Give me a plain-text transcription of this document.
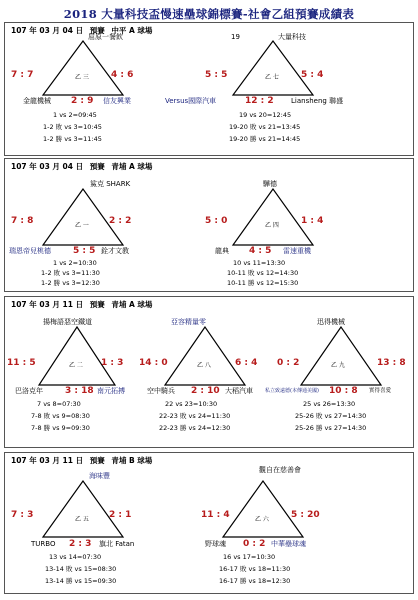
2018 大量科技盃慢速壘球錦標賽-社會乙組預賽成績表
107 年 03 月 04 日 預賽 中平 A 球場
屈原一餐飲
乙 三
7 : 7	4 : 6
金龍機械 2 : 9 信友興業
1 vs 2=09:45
1-2 敗 vs 3=10:45
1-2 勝 vs 3=11:45
19	大量科技
乙 七
5 : 5	5 : 4
Versus國際汽車	12 : 2 Liansheng 聯盛
19 vs 20=12:45
19-20 敗 vs 21=13:45
19-20 勝 vs 21=14:45
107 年 03 月 04 日 預賽 青埔 A 球場
鯊克 SHARK
乙 一
7 : 8	2 : 2
瑞恩帝兒桃德 5 : 5 銓才文教
1 vs 2=10:30
1-2 敗 vs 3=11:30
1-2 勝 vs 3=12:30
驊德
乙 四
5 : 0	1 : 4
龍典 4 : 5 雷速重機
10 vs 11=13:30
10-11 敗 vs 12=14:30
10-11 勝 vs 12=15:30
107 年 03 月 11 日 預賽 青埔 A 球場
揚梅語惡空鐵道
乙 二
11 : 5	1 : 3
巴洛克年 3 : 18 南元拓搏
7 vs 8=07:30
7-8 敗 vs 9=08:30
7-8 勝 vs 9=09:30
亞容精量零
乙 八
14 : 0	6 : 4
空中騎兵 2 : 10 大稻汽車
22 vs 23=10:30
22-23 敗 vs 24=11:30
22-23 勝 vs 24=12:30
迅得機械
乙 九
0 : 2	13 : 8
私立致遠德(本傳通美國) 10 : 8 實得喜愛
25 vs 26=13:30
25-26 敗 vs 27=14:30
25-26 勝 vs 27=14:30
107 年 03 月 11 日 預賽 青埔 B 球場
海味豐
乙 五
7 : 3	2 : 1
TURBO 2 : 3 旗北 Fatan
13 vs 14=07:30
13-14 敗 vs 15=08:30
13-14 勝 vs 15=09:30
觀自在慈善會
乙 六
11 : 4	5 : 20
野球魂 0 : 2 中華壘球魂
16 vs 17=10:30
16-17 敗 vs 18=11:30
16-17 勝 vs 18=12:30
